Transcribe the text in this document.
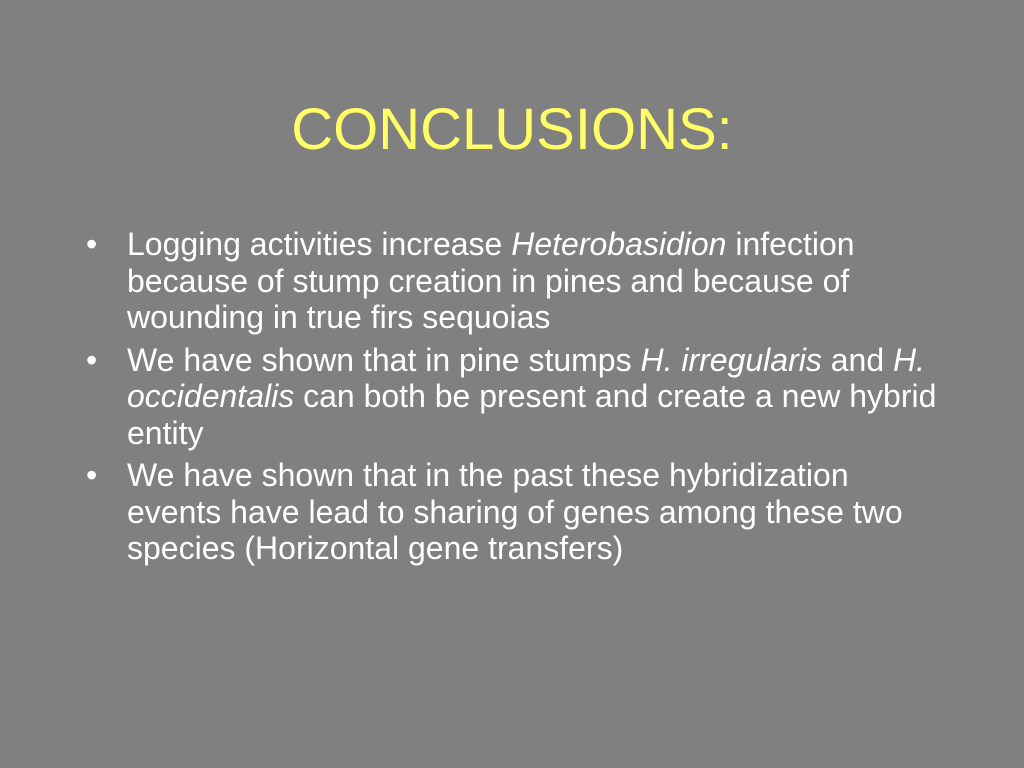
CONCLUSIONS:
• Logging activities increase Heterobasidion infection because of stump creation in pines and because of wounding in true firs sequoias
• We have shown that in pine stumps H. irregularis and H. occidentalis can both be present and create a new hybrid entity
• We have shown that in the past these hybridization events have lead to sharing of genes among these two species (Horizontal gene transfers)
